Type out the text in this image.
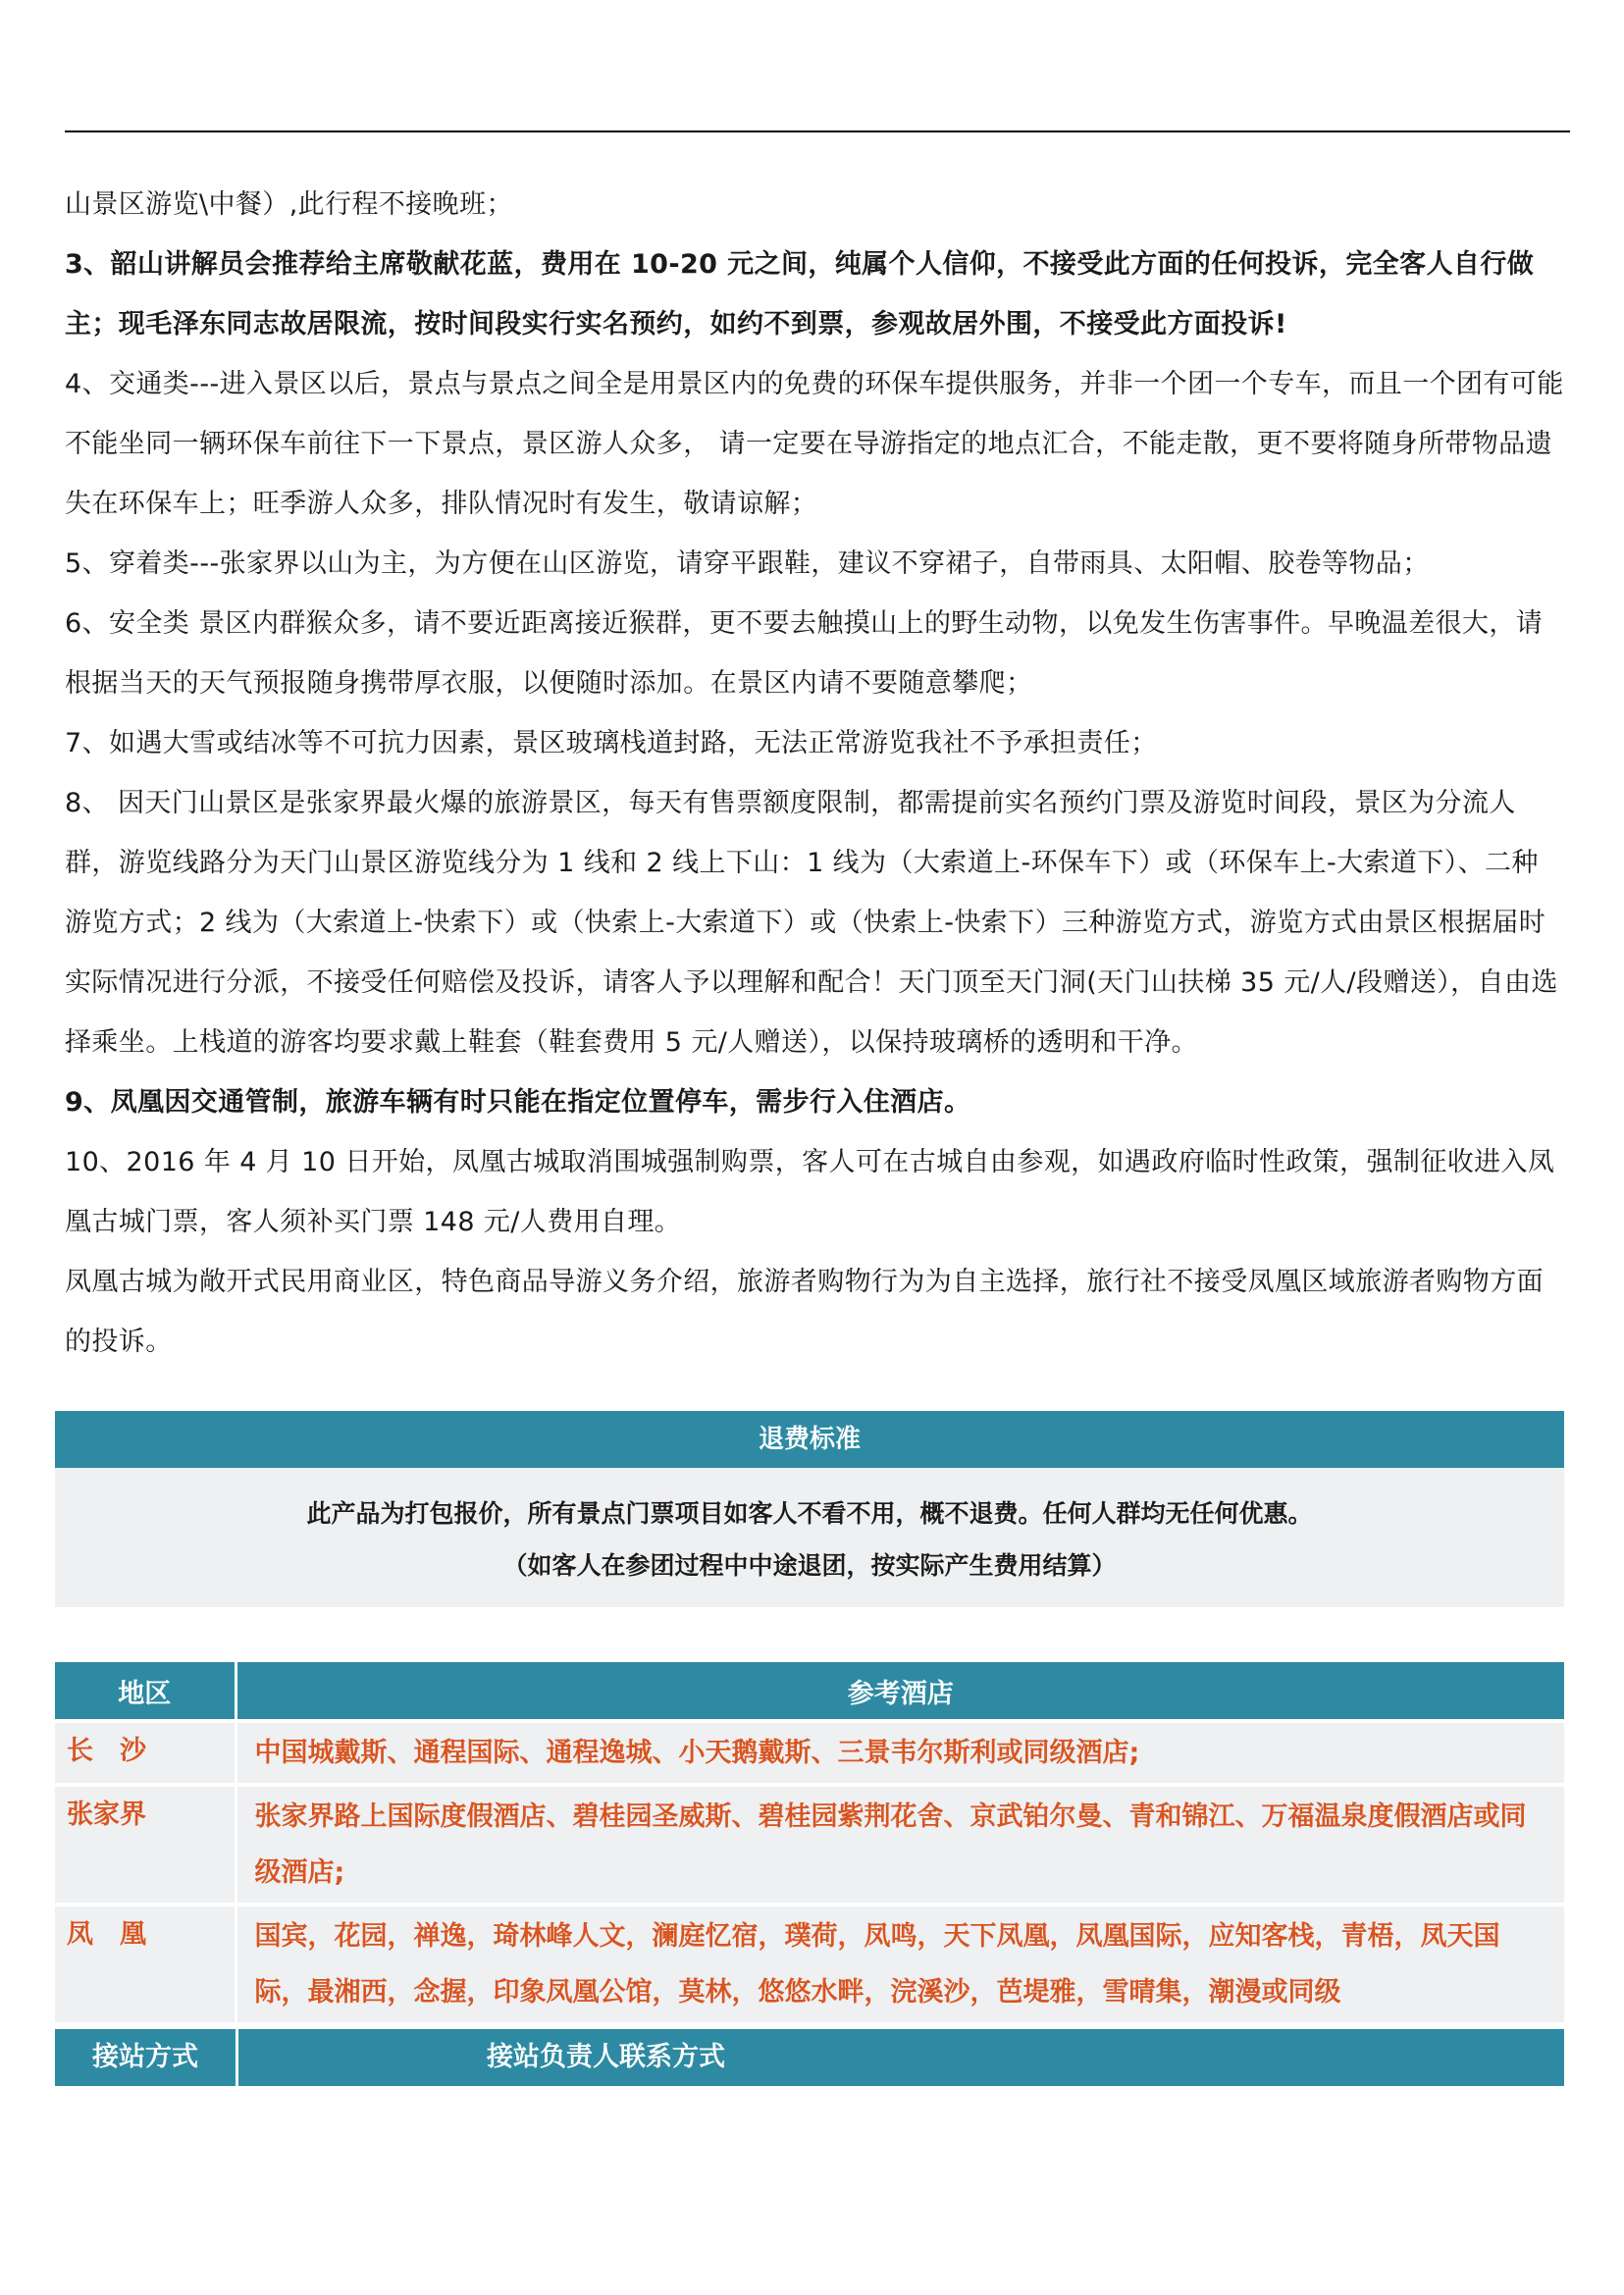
山景区游览\中餐）,此行程不接晚班；

3、韶山讲解员会推荐给主席敬献花蓝，费用在 10-20 元之间，纯属个人信仰，不接受此方面的任何投诉，完全客人自行做主；现毛泽东同志故居限流，按时间段实行实名预约，如约不到票，参观故居外围，不接受此方面投诉!

4、交通类---进入景区以后，景点与景点之间全是用景区内的免费的环保车提供服务，并非一个团一个专车，而且一个团有可能不能坐同一辆环保车前往下一下景点，景区游人众多， 请一定要在导游指定的地点汇合，不能走散，更不要将随身所带物品遗失在环保车上；旺季游人众多，排队情况时有发生，敬请谅解；

5、穿着类---张家界以山为主，为方便在山区游览，请穿平跟鞋，建议不穿裙子，自带雨具、太阳帽、胶卷等物品；

6、安全类 景区内群猴众多，请不要近距离接近猴群，更不要去触摸山上的野生动物，以免发生伤害事件。早晚温差很大，请根据当天的天气预报随身携带厚衣服，以便随时添加。在景区内请不要随意攀爬；

7、如遇大雪或结冰等不可抗力因素，景区玻璃栈道封路，无法正常游览我社不予承担责任；

8、 因天门山景区是张家界最火爆的旅游景区，每天有售票额度限制，都需提前实名预约门票及游览时间段，景区为分流人群，游览线路分为天门山景区游览线分为 1 线和 2 线上下山：1 线为（大索道上-环保车下）或（环保车上-大索道下）、二种游览方式；2 线为（大索道上-快索下）或（快索上-大索道下）或（快索上-快索下）三种游览方式，游览方式由景区根据届时实际情况进行分派，不接受任何赔偿及投诉，请客人予以理解和配合！天门顶至天门洞(天门山扶梯 35 元/人/段赠送），自由选择乘坐。上栈道的游客均要求戴上鞋套（鞋套费用 5 元/人赠送），以保持玻璃桥的透明和干净。

9、凤凰因交通管制，旅游车辆有时只能在指定位置停车，需步行入住酒店。

10、2016 年 4 月 10 日开始，凤凰古城取消围城强制购票，客人可在古城自由参观，如遇政府临时性政策，强制征收进入凤凰古城门票，客人须补买门票 148 元/人费用自理。

凤凰古城为敞开式民用商业区，特色商品导游义务介绍，旅游者购物行为为自主选择，旅行社不接受凤凰区域旅游者购物方面的投诉。

退费标准
此产品为打包报价，所有景点门票项目如客人不看不用，概不退费。任何人群均无任何优惠。
（如客人在参团过程中中途退团，按实际产生费用结算）
地区	参考酒店
长　沙	中国城戴斯、通程国际、通程逸城、小天鹅戴斯、三景韦尔斯利或同级酒店;
张家界	张家界路上国际度假酒店、碧桂园圣威斯、碧桂园紫荆花舍、京武铂尔曼、青和锦江、万福温泉度假酒店或同级酒店;
凤　凰	国宾，花园，禅逸，琦林峰人文，澜庭忆宿，璞荷，凤鸣，天下凤凰，凤凰国际，应知客栈，青梧，凤天国际，最湘西，念握，印象凤凰公馆，莫林，悠悠水畔，浣溪沙，芭堤雅，雪晴集，潮漫或同级
接站方式	接站负责人联系方式
